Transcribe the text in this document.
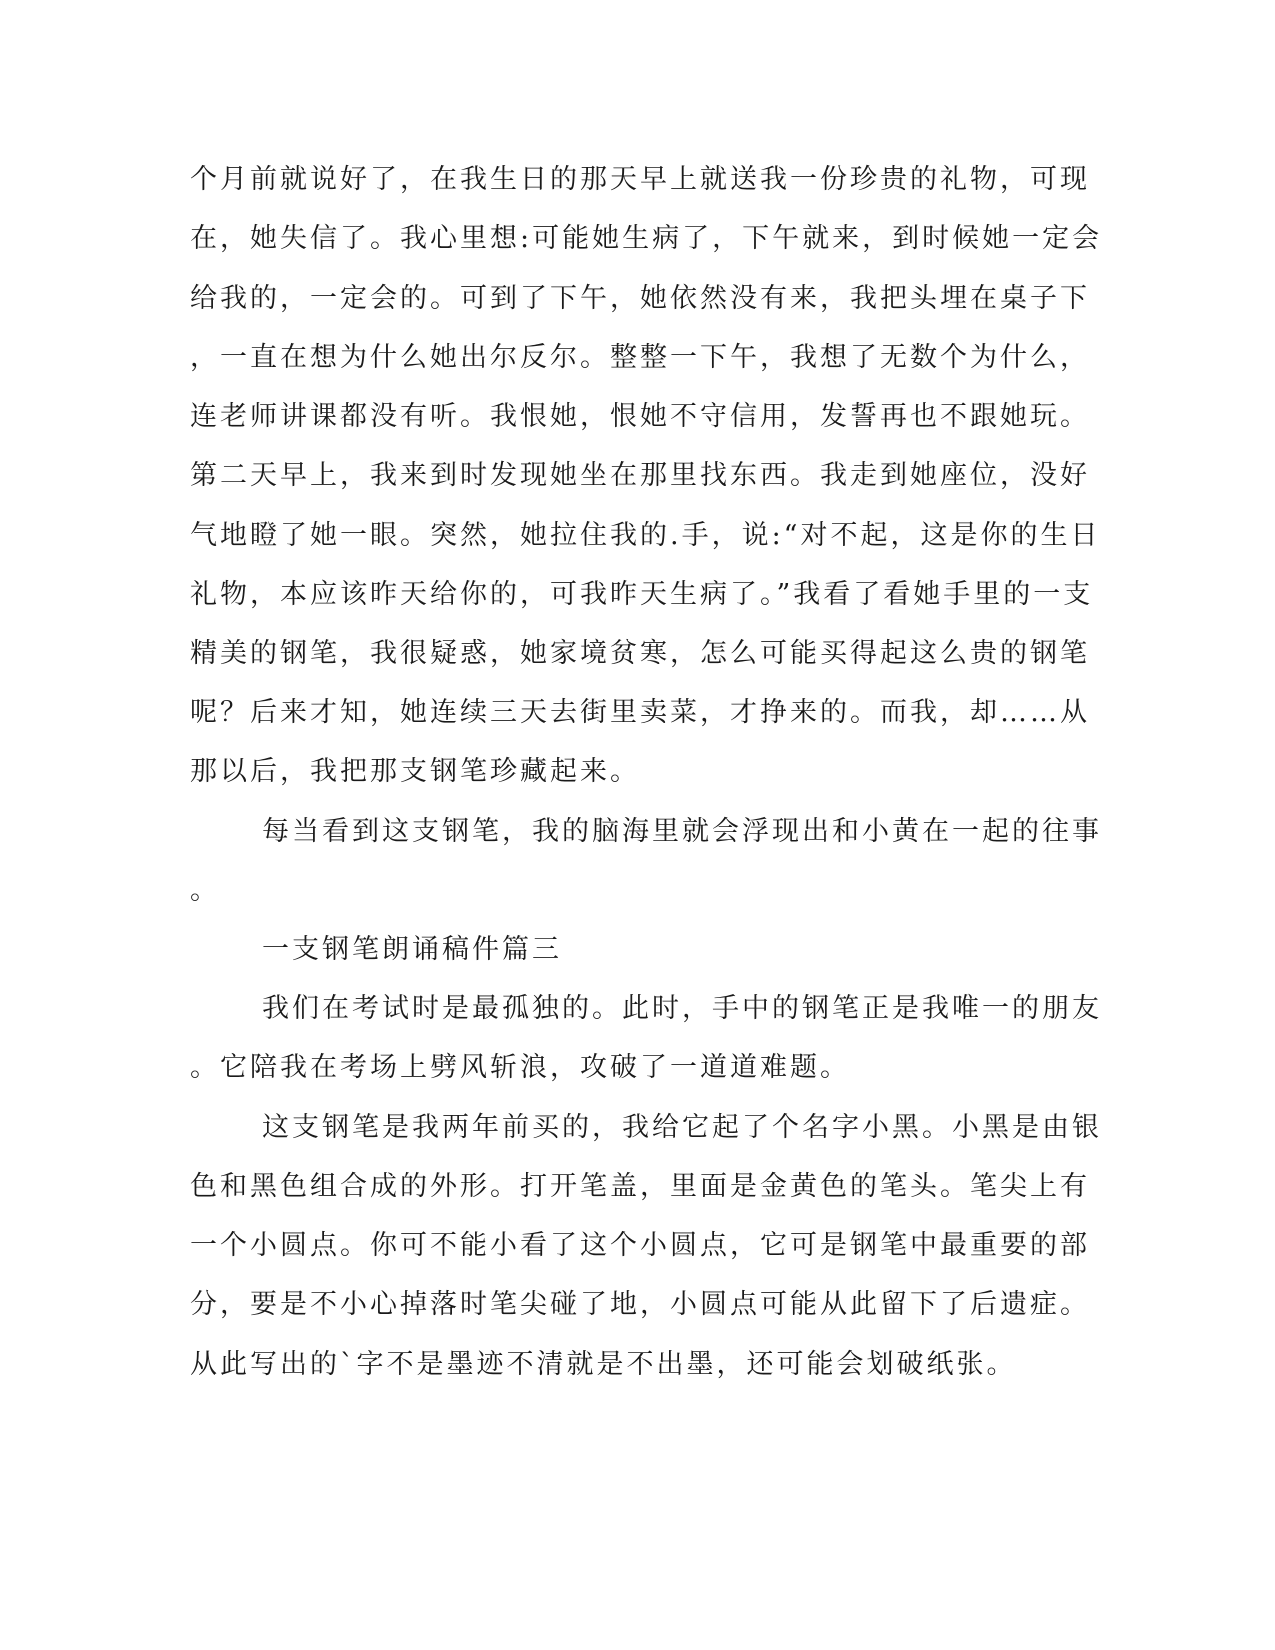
个月前就说好了，在我生日的那天早上就送我一份珍贵的礼物，可现
在，她失信了。我心里想:可能她生病了，下午就来，到时候她一定会
给我的，一定会的。可到了下午，她依然没有来，我把头埋在桌子下
，一直在想为什么她出尔反尔。整整一下午，我想了无数个为什么，
连老师讲课都没有听。我恨她，恨她不守信用，发誓再也不跟她玩。
第二天早上，我来到时发现她坐在那里找东西。我走到她座位，没好
气地瞪了她一眼。突然，她拉住我的.手，说:“对不起，这是你的生日
礼物，本应该昨天给你的，可我昨天生病了。”我看了看她手里的一支
精美的钢笔，我很疑惑，她家境贫寒，怎么可能买得起这么贵的钢笔
呢？后来才知，她连续三天去街里卖菜，才挣来的。而我，却……从
那以后，我把那支钢笔珍藏起来。
每当看到这支钢笔，我的脑海里就会浮现出和小黄在一起的往事
。
一支钢笔朗诵稿件篇三
我们在考试时是最孤独的。此时，手中的钢笔正是我唯一的朋友
。它陪我在考场上劈风斩浪，攻破了一道道难题。
这支钢笔是我两年前买的，我给它起了个名字小黑。小黑是由银
色和黑色组合成的外形。打开笔盖，里面是金黄色的笔头。笔尖上有
一个小圆点。你可不能小看了这个小圆点，它可是钢笔中最重要的部
分，要是不小心掉落时笔尖碰了地，小圆点可能从此留下了后遗症。
从此写出的`字不是墨迹不清就是不出墨，还可能会划破纸张。
